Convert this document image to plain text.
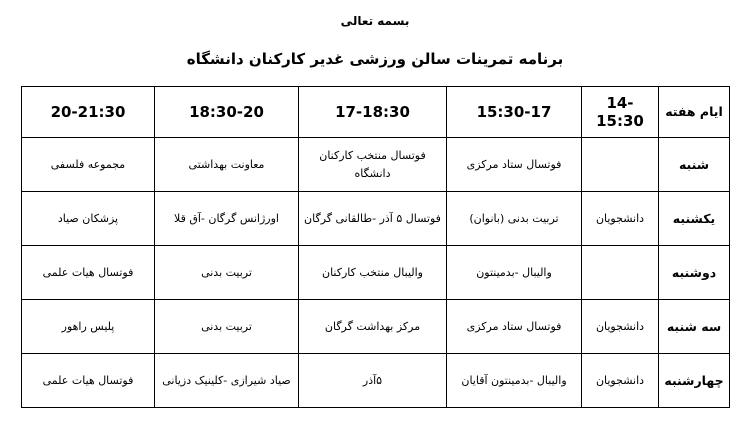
بسمه تعالی
برنامه تمرینات سالن ورزشی غدیر کارکنان دانشگاه
ایام هفته	14-15:30	15:30-17	17-18:30	18:30-20	20-21:30
شنبه		فوتسال ستاد مرکزی	فوتسال منتخب کارکنان دانشگاه	معاونت بهداشتی	مجموعه فلسفی
یکشنبه	دانشجویان	تربیت بدنی (بانوان)	فوتسال ۵ آذر -طالقانی گرگان	اورژانس گرگان -آق قلا	پزشکان صیاد
دوشنبه		والیبال -بدمینتون	والیبال منتخب کارکنان	تربیت بدنی	فوتسال هیات علمی
سه شنبه	دانشجویان	فوتسال ستاد مرکزی	مرکز بهداشت گرگان	تربیت بدنی	پلیس راهور
چهارشنبه	دانشجویان	والیبال -بدمینتون آقایان	۵آذر	صیاد شیرازی -کلینیک دزیانی	فوتسال هیات علمی
